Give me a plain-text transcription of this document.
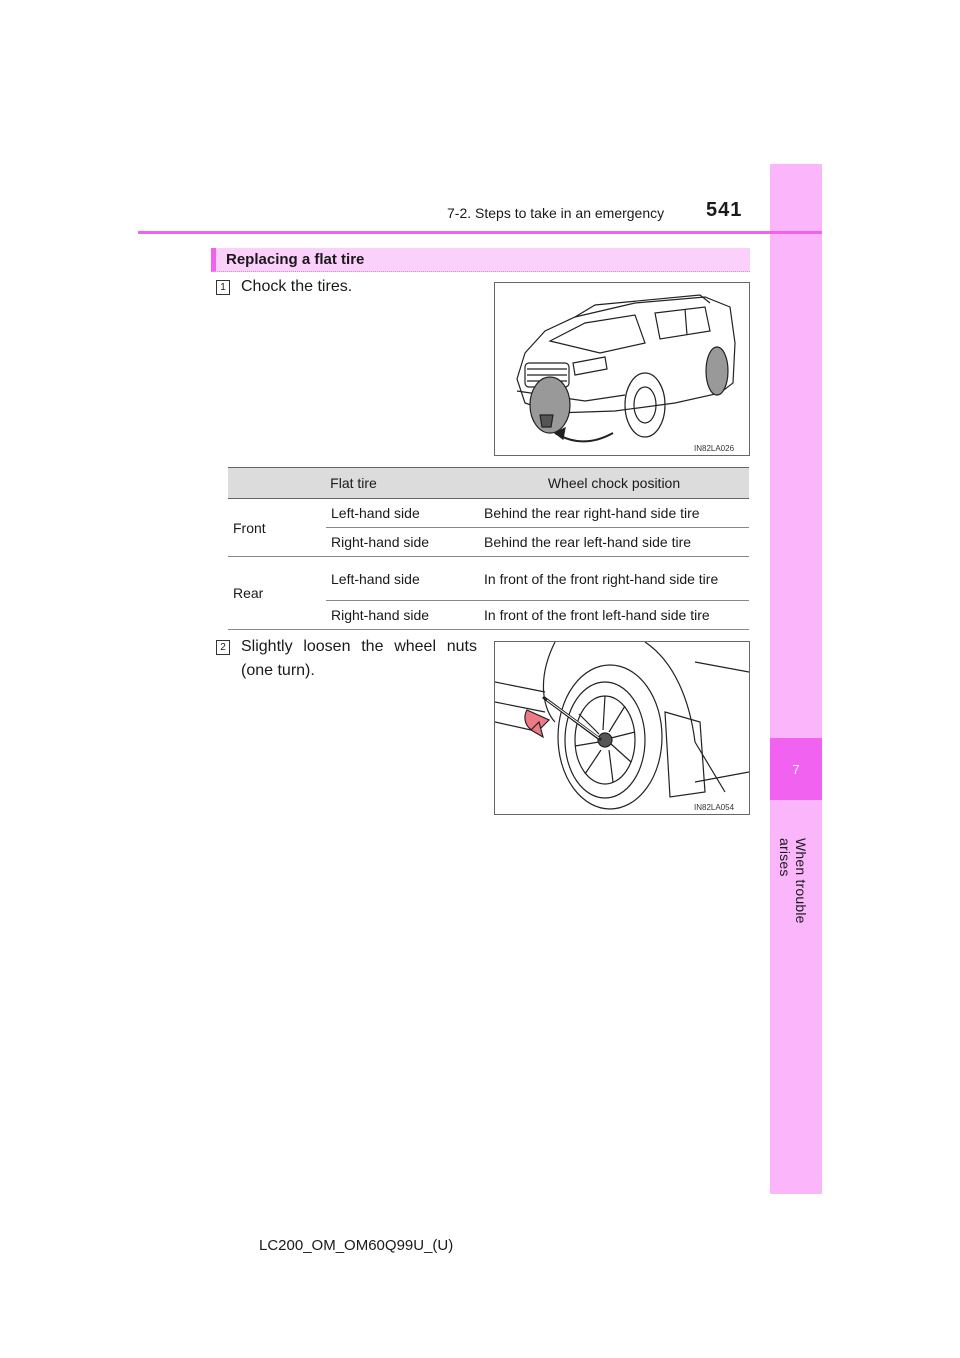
7
When trouble arises
7-2. Steps to take in an emergency 541
Replacing a flat tire
1 Chock the tires.
IN82LA026
Flat tire		Wheel chock position
Front	Left-hand side	Behind the rear right-hand side tire
	Right-hand side	Behind the rear left-hand side tire
Rear	Left-hand side	In front of the front right-hand side tire
	Right-hand side	In front of the front left-hand side tire
2 Slightly loosen the wheel nuts
(one turn).
IN82LA054
LC200_OM_OM60Q99U_(U)
